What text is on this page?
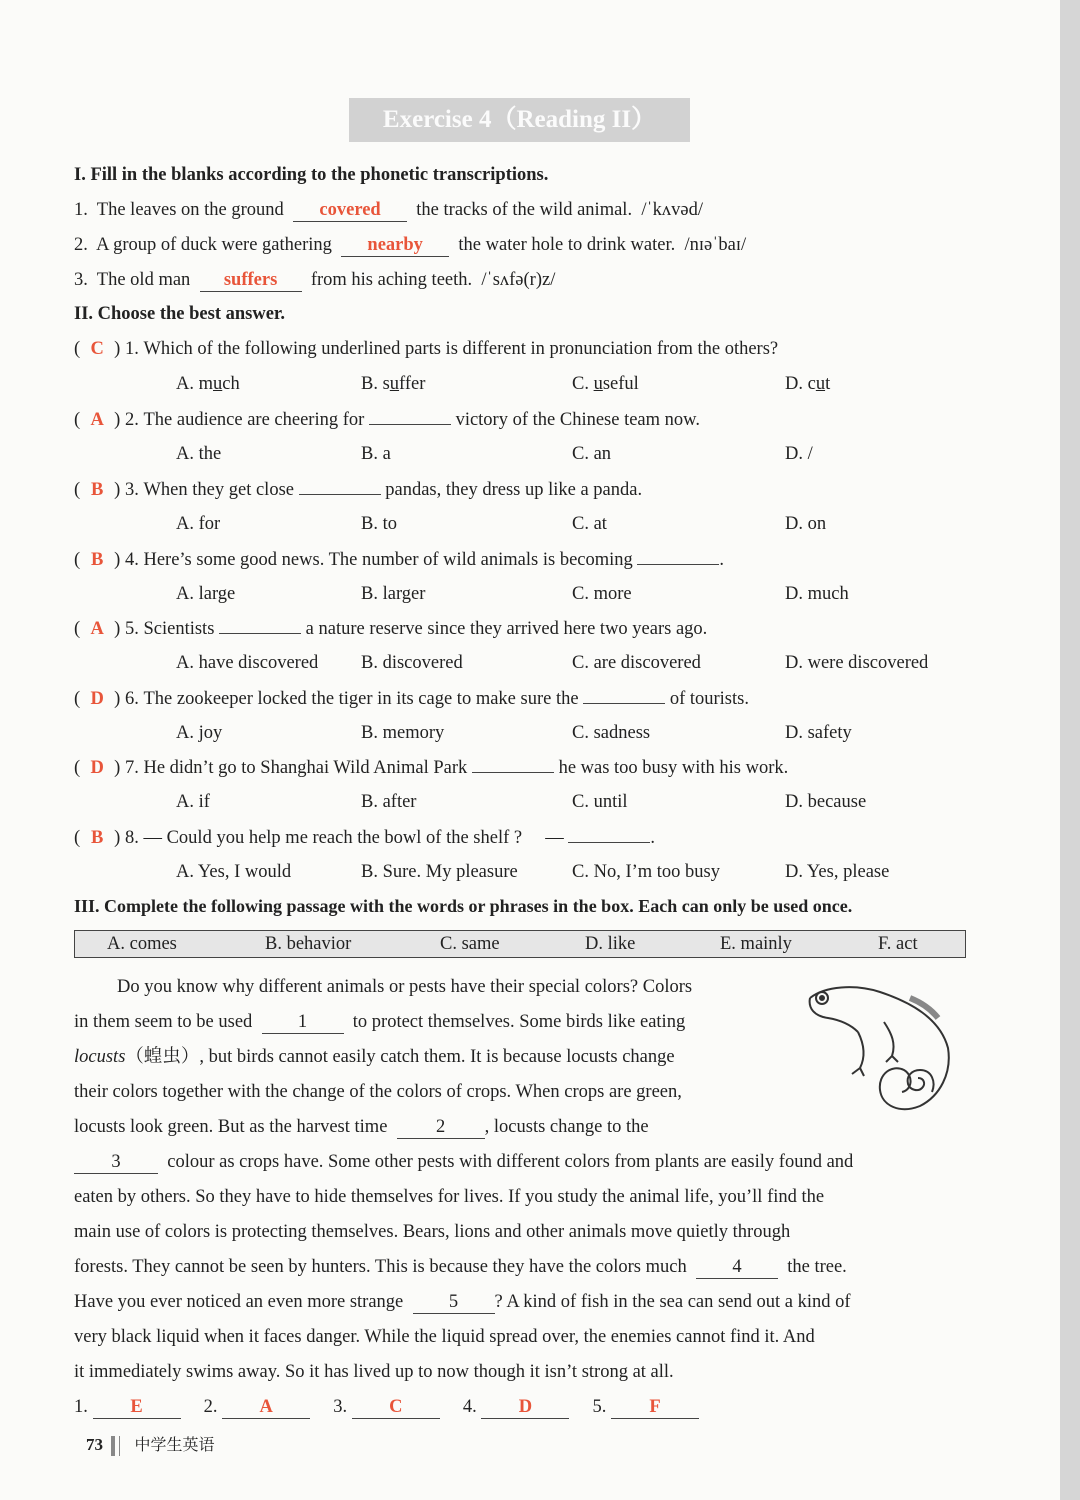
Exercise 4（Reading II）
I. Fill in the blanks according to the phonetic transcriptions.
1. The leaves on the ground covered the tracks of the wild animal. /ˈkʌvəd/
2. A group of duck were gathering nearby the water hole to drink water. /nɪəˈbaɪ/
3. The old man suffers from his aching teeth. /ˈsʌfə(r)z/
II. Choose the best answer.
( C ) 1. Which of the following underlined parts is different in pronunciation from the others?
A. much	B. suffer	C. useful	D. cut
( A ) 2. The audience are cheering for	victory of the Chinese team now.
A. the	B. a	C. an	D. /
( B ) 3. When they get close	pandas, they dress up like a panda.
A. for	B. to	C. at	D. on
( B ) 4. Here’s some good news. The number of wild animals is becoming	.
A. large	B. larger	C. more	D. much
( A ) 5. Scientists	a nature reserve since they arrived here two years ago.
A. have discovered B. discovered	C. are discovered	D. were discovered
( D ) 6. The zookeeper locked the tiger in its cage to make sure the	of tourists.
A. joy	B. memory	C. sadness	D. safety
( D ) 7. He didn’t go to Shanghai Wild Animal Park	he was too busy with his work.
A. if	B. after	C. until	D. because
( B ) 8. — Could you help me reach the bowl of the shelf ?     —	.
A. Yes, I would	B. Sure. My pleasure	C. No, I’m too busy	D. Yes, please
III. Complete the following passage with the words or phrases in the box. Each can only be used once.
A. comes	B. behavior	C. same	D. like	E. mainly	F. act
Do you know why different animals or pests have their special colors? Colors
in them seem to be used 1 to protect themselves. Some birds like eating
locusts（蝗虫）, but birds cannot easily catch them. It is because locusts change
their colors together with the change of the colors of crops. When crops are green,
locusts look green. But as the harvest time	2 , locusts change to the
3	colour as crops have. Some other pests with different colors from plants are easily found and
eaten by others. So they have to hide themselves for lives. If you study the animal life, you’ll find the
main use of colors is protecting themselves. Bears, lions and other animals move quietly through
forests. They cannot be seen by hunters. This is because they have the colors much 4 the tree.
Have you ever noticed an even more strange 5 ? A kind of fish in the sea can send out a kind of
very black liquid when it faces danger. While the liquid spread over, the enemies cannot find it. And
it immediately swims away. So it has lived up to now though it isn’t strong at all.
1. E	2. A	3. C	4. D	5. F
73 中学生英语
